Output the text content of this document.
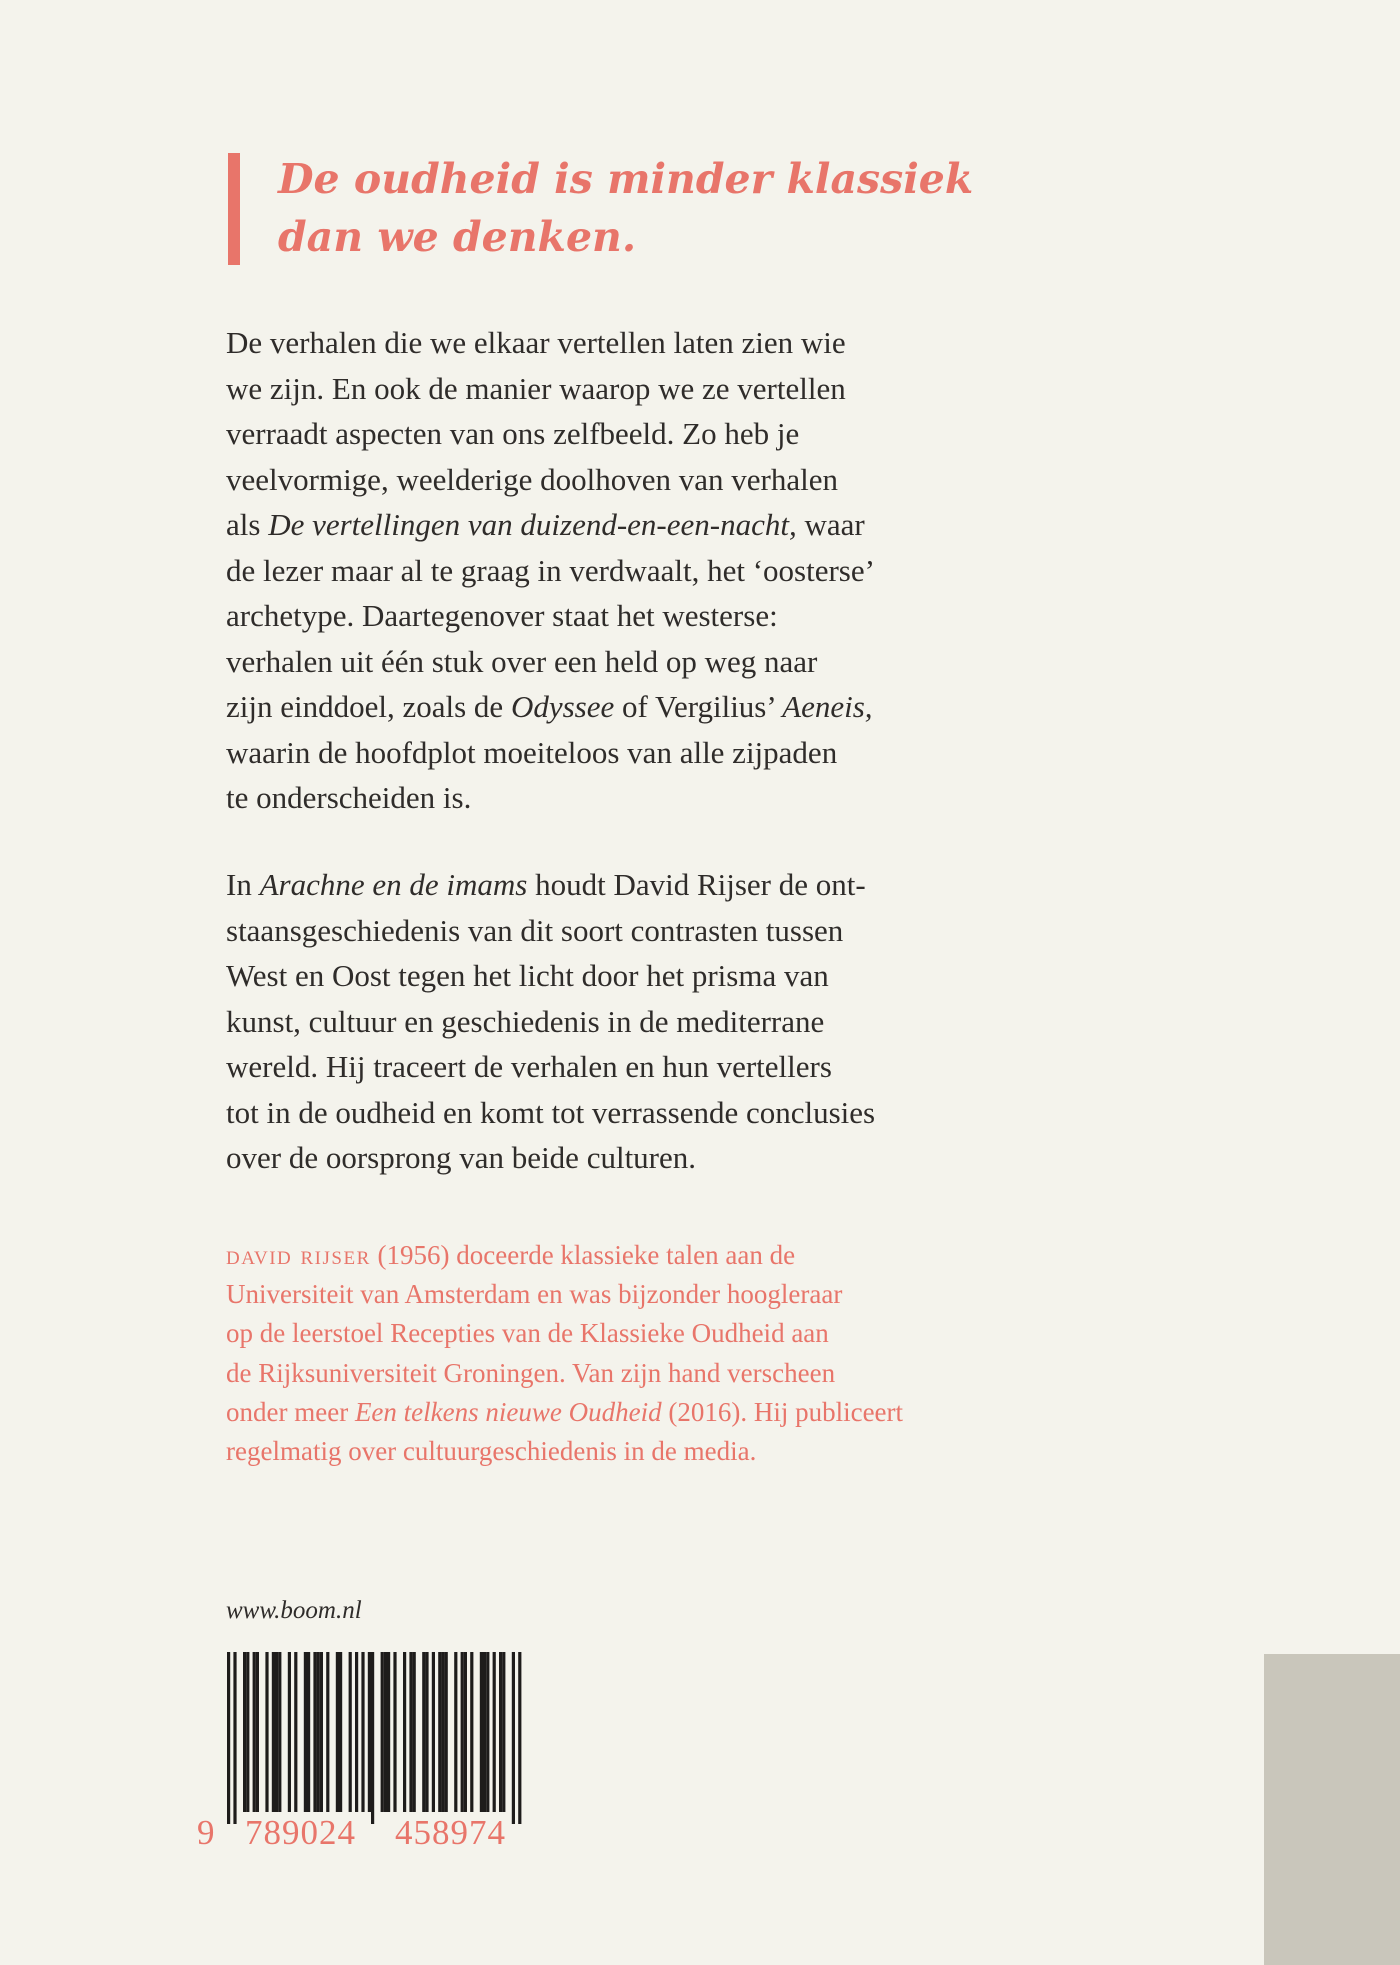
De oudheid is minder klassiek
dan we denken.

De verhalen die we elkaar vertellen laten zien wie
we zijn. En ook de manier waarop we ze vertellen
verraadt aspecten van ons zelfbeeld. Zo heb je
veelvormige, weelderige doolhoven van verhalen
als De vertellingen van duizend-en-een-nacht, waar
de lezer maar al te graag in verdwaalt, het ‘oosterse’
archetype. Daartegenover staat het westerse:
verhalen uit één stuk over een held op weg naar
zijn einddoel, zoals de Odyssee of Vergilius’ Aeneis,
waarin de hoofdplot moeiteloos van alle zijpaden
te onderscheiden is.

In Arachne en de imams houdt David Rijser de ont-
staansgeschiedenis van dit soort contrasten tussen
West en Oost tegen het licht door het prisma van
kunst, cultuur en geschiedenis in de mediterrane
wereld. Hij traceert de verhalen en hun vertellers
tot in de oudheid en komt tot verrassende conclusies
over de oorsprong van beide culturen.

david rijser (1956) doceerde klassieke talen aan de
Universiteit van Amsterdam en was bijzonder hoogleraar
op de leerstoel Recepties van de Klassieke Oudheid aan
de Rijksuniversiteit Groningen. Van zijn hand verscheen
onder meer Een telkens nieuwe Oudheid (2016). Hij publiceert
regelmatig over cultuurgeschiedenis in de media.

www.boom.nl
9 789024 458974
